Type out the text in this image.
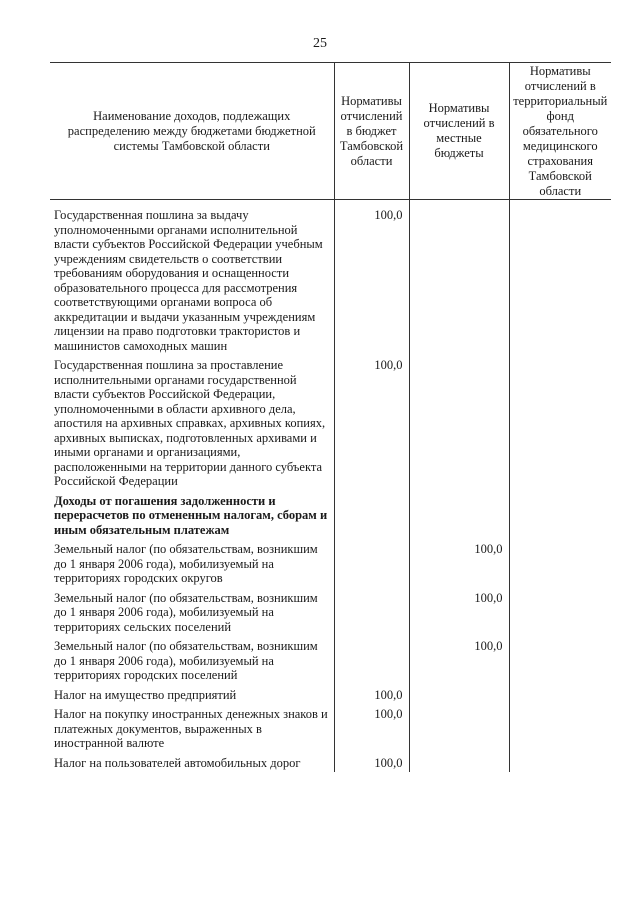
25
Наименование доходов, подлежащих распределению между бюджетами бюджетной системы Тамбовской области	Нормативы отчислений в бюджет Тамбовской области	Нормативы отчислений в местные бюджеты	Нормативы отчислений в территориальный фонд обязательного медицинского страхования Тамбовской области
Государственная пошлина за выдачу уполномоченными органами исполнительной власти субъектов Российской Федерации учебным учреждениям свидетельств о соответствии требованиям оборудования и оснащенности образовательного процесса для рассмотрения соответствующими органами вопроса об аккредитации и выдачи указанным учреждениям лицензии на право подготовки трактористов и машинистов самоходных машин	100,0		
Государственная пошлина за проставление исполнительными органами государственной власти субъектов Российской Федерации, уполномоченными в области архивного дела, апостиля на архивных справках, архивных копиях, архивных выписках, подготовленных архивами и иными органами и организациями, расположенными на территории данного субъекта Российской Федерации	100,0		
Доходы от погашения задолженности и перерасчетов по отмененным налогам, сборам и иным обязательным платежам			
Земельный налог (по обязательствам, возникшим до 1 января 2006 года), мобилизуемый на территориях городских округов		100,0	
Земельный налог (по обязательствам, возникшим до 1 января 2006 года), мобилизуемый на территориях сельских поселений		100,0	
Земельный налог (по обязательствам, возникшим до 1 января 2006 года), мобилизуемый на территориях городских поселений		100,0	
Налог на имущество предприятий	100,0		
Налог на покупку иностранных денежных знаков и платежных документов, выраженных в иностранной валюте	100,0		
Налог на пользователей автомобильных дорог	100,0		
